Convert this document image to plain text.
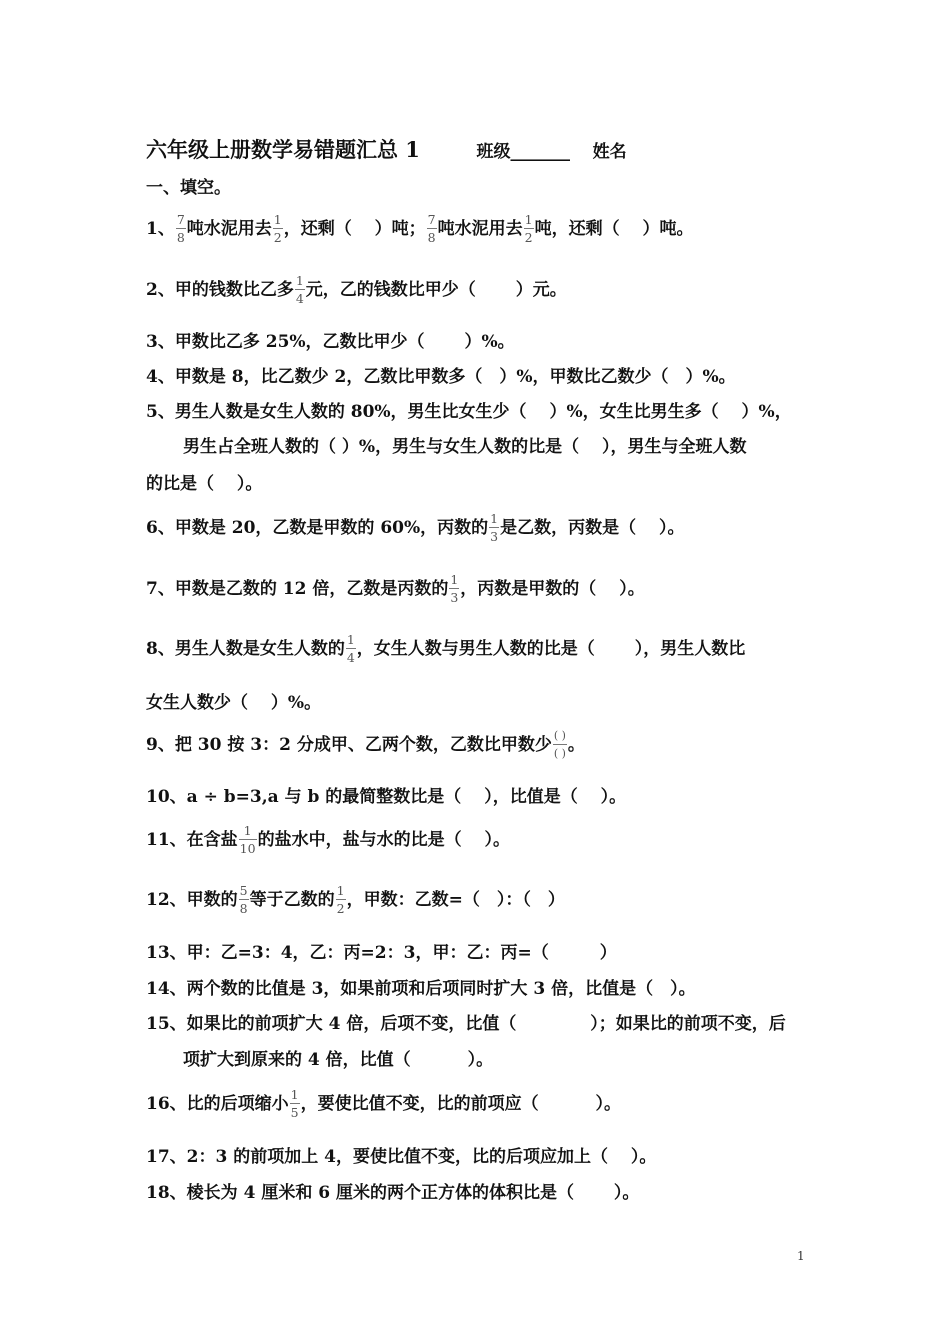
六年级上册数学易错题汇总 1	班级_______ 姓名
一、填空。
1、 $\frac{7}{8}$ 吨水泥用去 $\frac{1}{2}$ ，还剩（　 ）吨； $\frac{7}{8}$ 吨水泥用去 $\frac{1}{2}$ 吨，还剩（　 ）吨。
2、甲的钱数比乙多 $\frac{1}{4}$ 元，乙的钱数比甲少（　　 ）元。
3、甲数比乙多 25%，乙数比甲少（　　 ）%。
4、甲数是 8，比乙数少 2，乙数比甲数多（　）%，甲数比乙数少（　）%。
5、男生人数是女生人数的 80%，男生比女生少（　 ）%，女生比男生多（　 ）%，
男生占全班人数的（ ）%，男生与女生人数的比是（　 ），男生与全班人数
的比是（　 ）。
6、甲数是 20，乙数是甲数的 60%，丙数的 $\frac{1}{3}$ 是乙数，丙数是（　 ）。
7、甲数是乙数的 12 倍，乙数是丙数的 $\frac{1}{3}$ ，丙数是甲数的（　 ）。
8、男生人数是女生人数的 $\frac{1}{4}$ ，女生人数与男生人数的比是（　　 ），男生人数比
女生人数少（　 ）%。
9、把 30 按 3：2 分成甲、乙两个数，乙数比甲数少 $\frac{( )}{( )}$ 。
10、a ÷ b=3,a 与 b 的最简整数比是（　 ），比值是（　 ）。
11、在含盐 $\frac{1}{10}$ 的盐水中，盐与水的比是（　 ）。
12、甲数的 $\frac{5}{8}$ 等于乙数的 $\frac{1}{2}$ ，甲数：乙数=（　）：（　）
13、甲：乙=3：4，乙：丙=2：3，甲：乙：丙=（　　　）
14、两个数的比值是 3，如果前项和后项同时扩大 3 倍，比值是（　）。
15、如果比的前项扩大 4 倍，后项不变，比值（　　　　 ）；如果比的前项不变，后
项扩大到原来的 4 倍，比值（　　　 ）。
16、比的后项缩小 $\frac{1}{5}$ ，要使比值不变，比的前项应（　　　 ）。
17、2：3 的前项加上 4，要使比值不变，比的后项应加上（　 ）。
18、棱长为 4 厘米和 6 厘米的两个正方体的体积比是（　　 ）。
1
